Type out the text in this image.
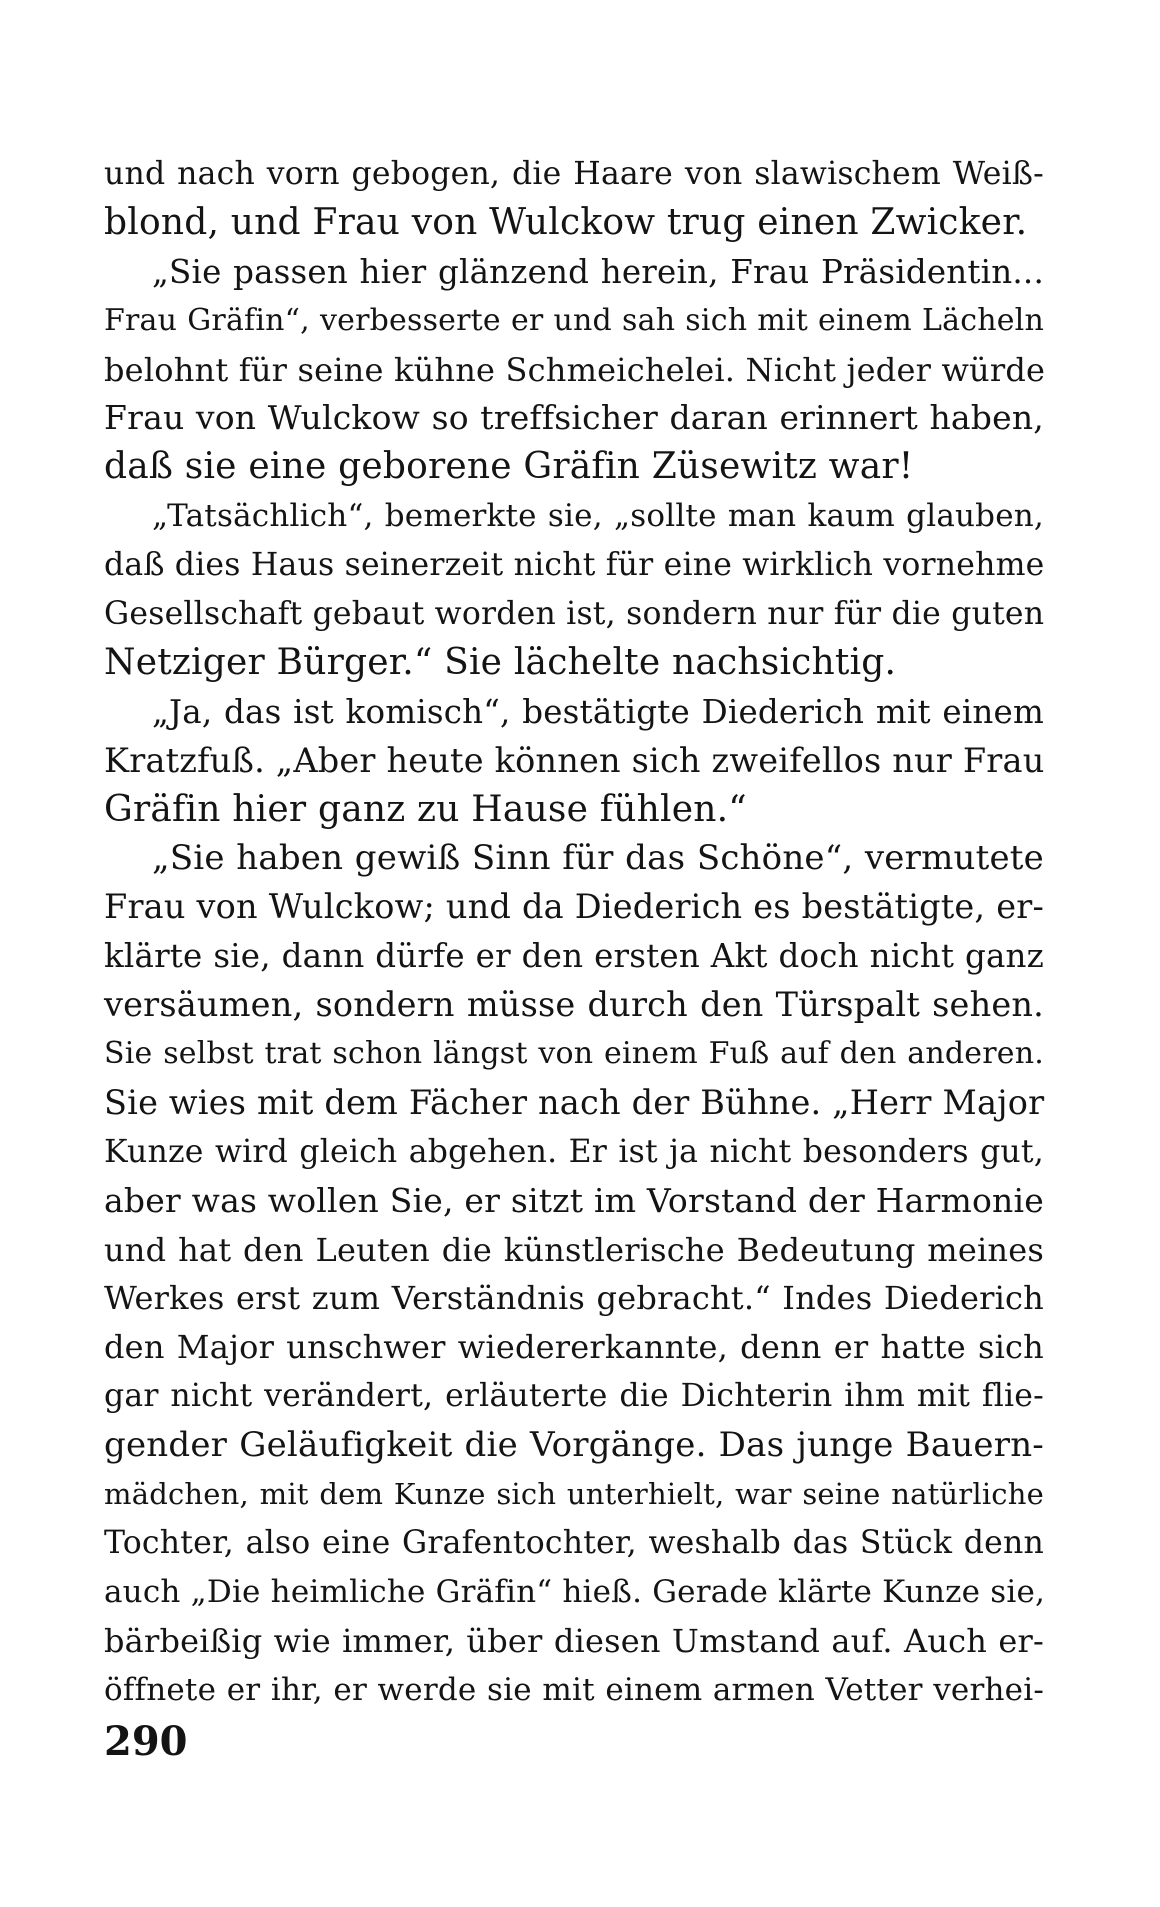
und nach vorn gebogen, die Haare von slawischem Weiß-
blond, und Frau von Wulckow trug einen Zwicker.
„Sie passen hier glänzend herein, Frau Präsidentin...
Frau Gräfin“, verbesserte er und sah sich mit einem Lächeln
belohnt für seine kühne Schmeichelei. Nicht jeder würde
Frau von Wulckow so treffsicher daran erinnert haben,
daß sie eine geborene Gräfin Züsewitz war!
„Tatsächlich“, bemerkte sie, „sollte man kaum glauben,
daß dies Haus seinerzeit nicht für eine wirklich vornehme
Gesellschaft gebaut worden ist, sondern nur für die guten
Netziger Bürger.“ Sie lächelte nachsichtig.
„Ja, das ist komisch“, bestätigte Diederich mit einem
Kratzfuß. „Aber heute können sich zweifellos nur Frau
Gräfin hier ganz zu Hause fühlen.“
„Sie haben gewiß Sinn für das Schöne“, vermutete
Frau von Wulckow; und da Diederich es bestätigte, er-
klärte sie, dann dürfe er den ersten Akt doch nicht ganz
versäumen, sondern müsse durch den Türspalt sehen.
Sie selbst trat schon längst von einem Fuß auf den anderen.
Sie wies mit dem Fächer nach der Bühne. „Herr Major
Kunze wird gleich abgehen. Er ist ja nicht besonders gut,
aber was wollen Sie, er sitzt im Vorstand der Harmonie
und hat den Leuten die künstlerische Bedeutung meines
Werkes erst zum Verständnis gebracht.“ Indes Diederich
den Major unschwer wiedererkannte, denn er hatte sich
gar nicht verändert, erläuterte die Dichterin ihm mit flie-
gender Geläufigkeit die Vorgänge. Das junge Bauern-
mädchen, mit dem Kunze sich unterhielt, war seine natürliche
Tochter, also eine Grafentochter, weshalb das Stück denn
auch „Die heimliche Gräfin“ hieß. Gerade klärte Kunze sie,
bärbeißig wie immer, über diesen Umstand auf. Auch er-
öffnete er ihr, er werde sie mit einem armen Vetter verhei-
290
